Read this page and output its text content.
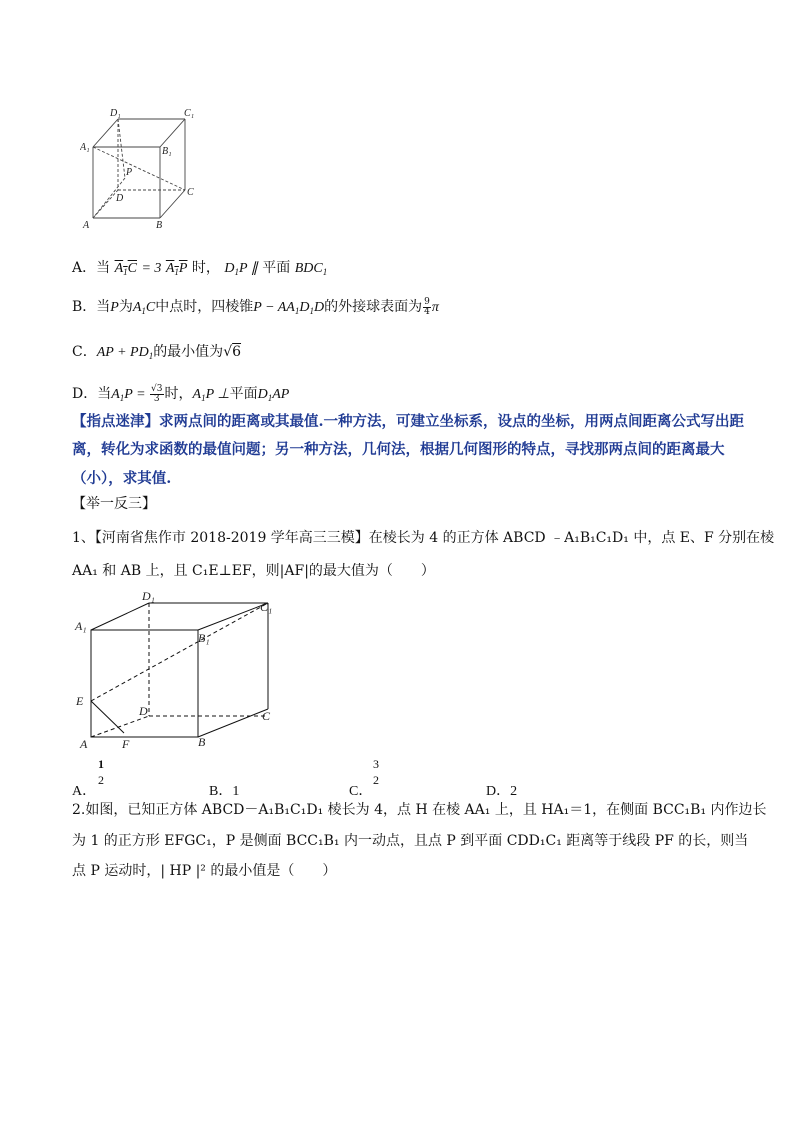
D₁	C₁
A₁	B₁
P
D
C
A	B
A．当 $A_1C = 3$ $A_1P$ 时， $D_1P$ ∥ 平面 $BDC_1$
B．当P为$A_1C$中点时，四棱锥$P - AA_1D_1D$的外接球表面为 $\frac{9}{4}$ π
C．AP + $PD_1$的最小值为√6
D．当$A_1P = \frac{√3}{3}$ 时，$A_1P$ ⊥平面$D_1AP$
【指点迷津】求两点间的距离或其最值.一种方法，可建立坐标系，设点的坐标，用两点间距离公式写出距
离，转化为求函数的最值问题；另一种方法，几何法，根据几何图形的特点，寻找那两点间的距离最大
（小），求其值.
【举一反三】
1、【河南省焦作市 2018-2019 学年高三三模】在棱长为 4 的正方体 ABCD ﹣A₁B₁C₁D₁ 中，点 E、F 分别在棱
AA₁ 和 AB 上，且 C₁E⊥EF，则|AF|的最大值为（　　）
D₁
C₁
A₁
B₁
E
D	C
A	F	B
A．
1
2
B．1	C．
3
2
D．2
2.如图，已知正方体 ABCD－A₁B₁C₁D₁ 棱长为 4，点 H 在棱 AA₁ 上，且 HA₁＝1，在侧面 BCC₁B₁ 内作边长
为 1 的正方形 EFGC₁，P 是侧面 BCC₁B₁ 内一动点，且点 P 到平面 CDD₁C₁ 距离等于线段 PF 的长，则当
点 P 运动时，| HP |² 的最小值是（　　）
